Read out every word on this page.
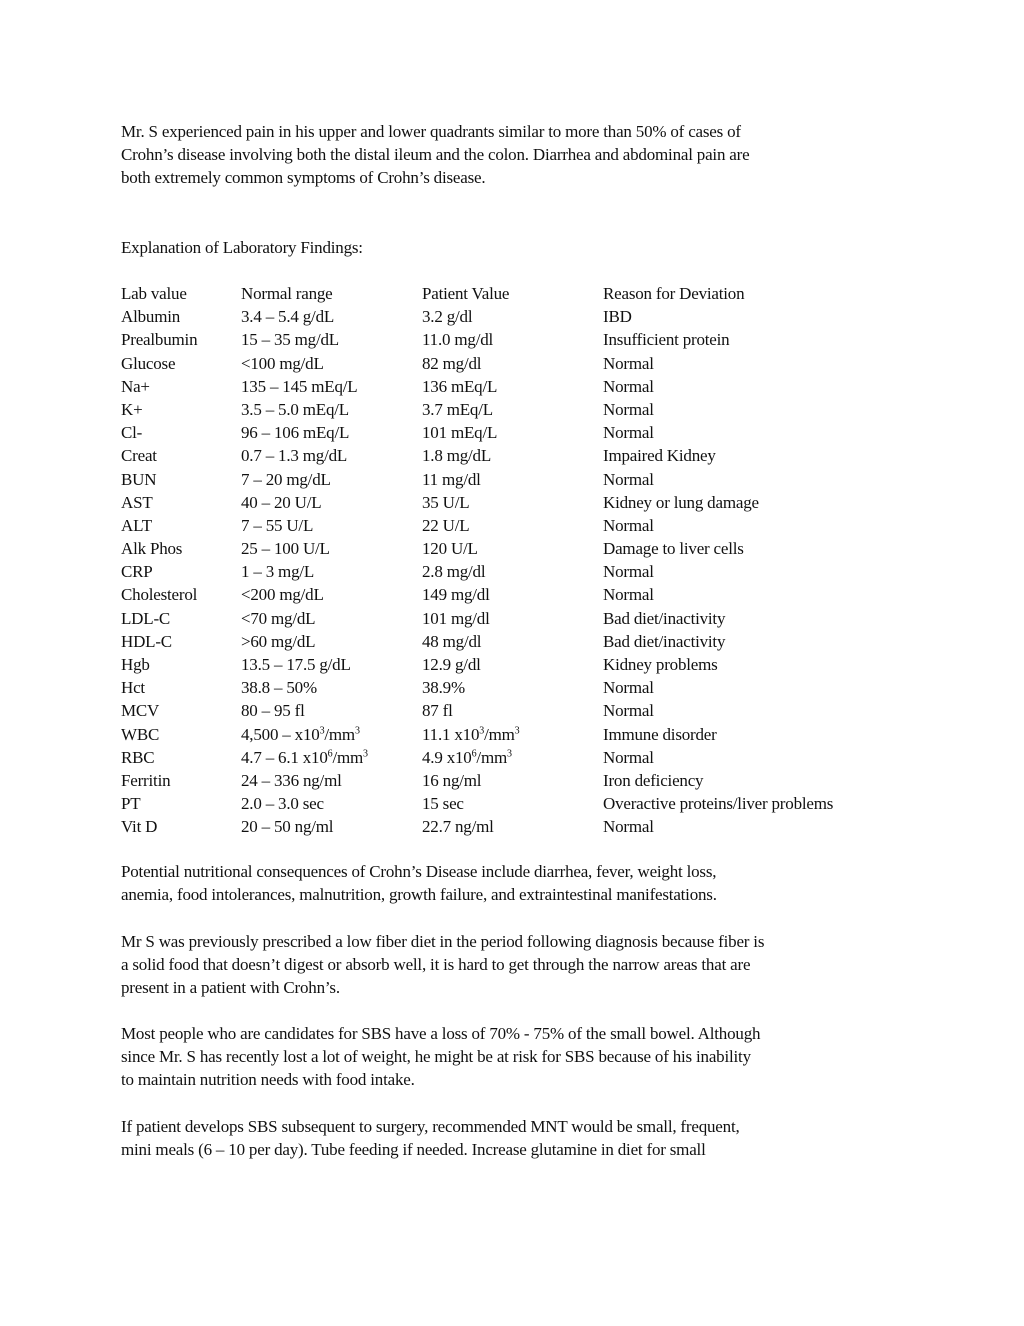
Mr. S experienced pain in his upper and lower quadrants similar to more than 50% of cases of
Crohn’s disease involving both the distal ileum and the colon. Diarrhea and abdominal pain are
both extremely common symptoms of Crohn’s disease.
Explanation of Laboratory Findings:
Lab value	Normal range	Patient Value	Reason for Deviation
Albumin	3.4 – 5.4 g/dL	3.2 g/dl	IBD
Prealbumin	15 – 35 mg/dL	11.0 mg/dl	Insufficient protein
Glucose	<100 mg/dL	82 mg/dl	Normal
Na+	135 – 145 mEq/L	136 mEq/L	Normal
K+	3.5 – 5.0 mEq/L	3.7 mEq/L	Normal
Cl-	96 – 106 mEq/L	101 mEq/L	Normal
Creat	0.7 – 1.3 mg/dL	1.8 mg/dL	Impaired Kidney
BUN	7 – 20 mg/dL	11 mg/dl	Normal
AST	40 – 20 U/L	35 U/L	Kidney or lung damage
ALT	7 – 55 U/L	22 U/L	Normal
Alk Phos	25 – 100 U/L	120 U/L	Damage to liver cells
CRP	1 – 3 mg/L	2.8 mg/dl	Normal
Cholesterol	<200 mg/dL	149 mg/dl	Normal
LDL-C	<70 mg/dL	101 mg/dl	Bad diet/inactivity
HDL-C	>60 mg/dL	48 mg/dl	Bad diet/inactivity
Hgb	13.5 – 17.5 g/dL	12.9 g/dl	Kidney problems
Hct	38.8 – 50%	38.9%	Normal
MCV	80 – 95 fl	87 fl	Normal
WBC	$4,500 - x10^3/mm^3$	11.1 $x10^3/mm^3$	Immune disorder
RBC	4.7 – 6.1 $x10^6/mm^3$	4.9 $x10^6/mm^3$	Normal
Ferritin	24 – 336 ng/ml	16 ng/ml	Iron deficiency
PT	2.0 – 3.0 sec	15 sec	Overactive proteins/liver problems
Vit D	20 – 50 ng/ml	22.7 ng/ml	Normal
Potential nutritional consequences of Crohn’s Disease include diarrhea, fever, weight loss,
anemia, food intolerances, malnutrition, growth failure, and extraintestinal manifestations.
Mr S was previously prescribed a low fiber diet in the period following diagnosis because fiber is
a solid food that doesn’t digest or absorb well, it is hard to get through the narrow areas that are
present in a patient with Crohn’s.
Most people who are candidates for SBS have a loss of 70% - 75% of the small bowel. Although
since Mr. S has recently lost a lot of weight, he might be at risk for SBS because of his inability
to maintain nutrition needs with food intake.
If patient develops SBS subsequent to surgery, recommended MNT would be small, frequent,
mini meals (6 – 10 per day). Tube feeding if needed. Increase glutamine in diet for small
